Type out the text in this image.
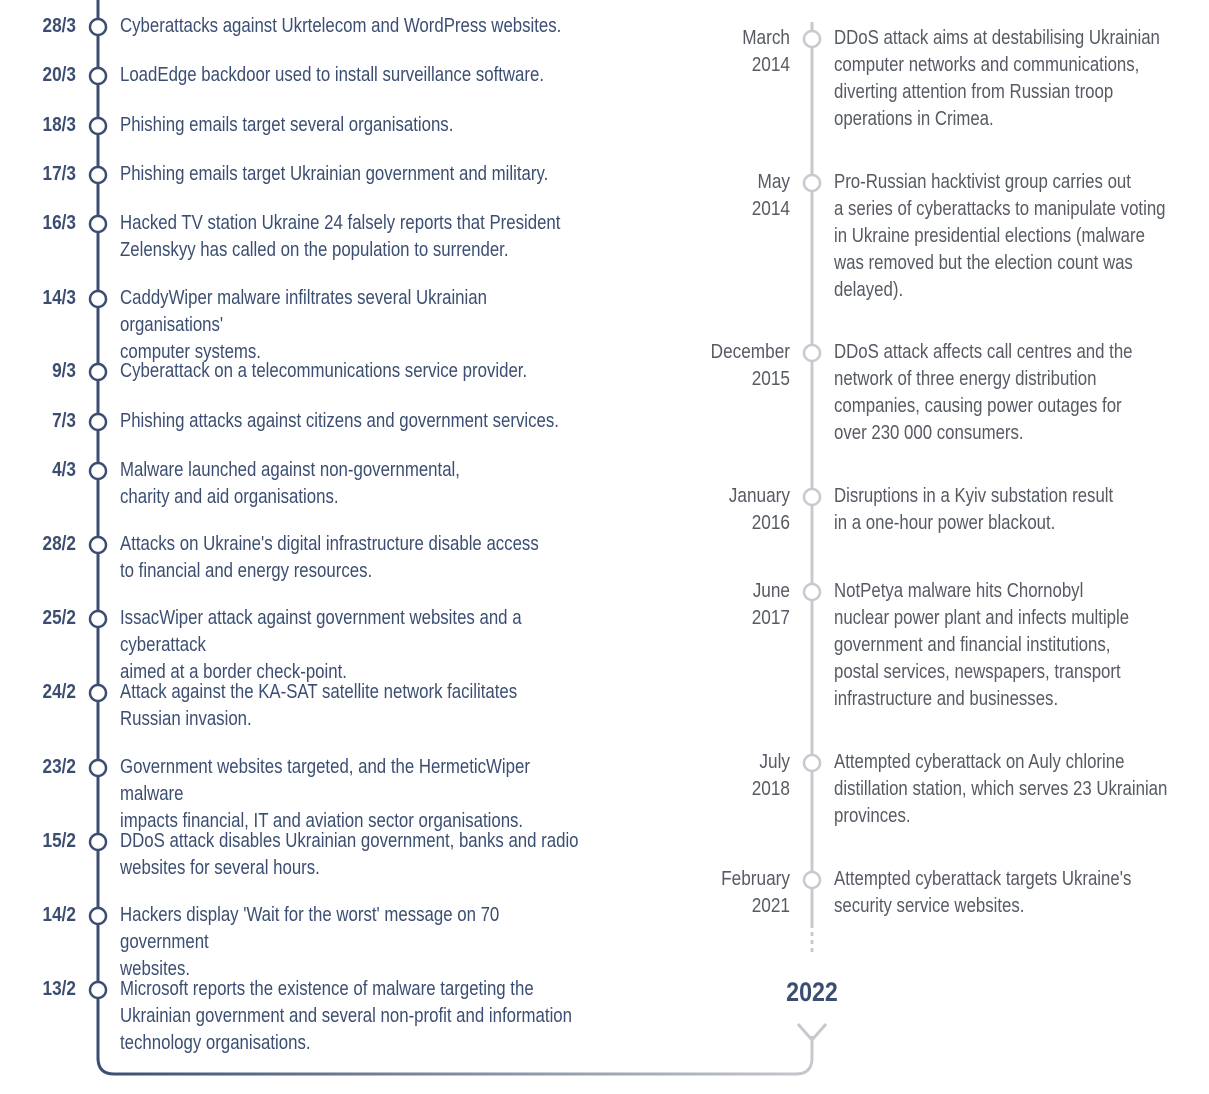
28/3 Cyberattacks against Ukrtelecom and WordPress websites.
20/3 LoadEdge backdoor used to install surveillance software.
18/3 Phishing emails target several organisations.
17/3 Phishing emails target Ukrainian government and military.
16/3 Hacked TV station Ukraine 24 falsely reports that President
Zelenskyy has called on the population to surrender.
14/3 CaddyWiper malware infiltrates several Ukrainian organisations'
computer systems.
9/3 Cyberattack on a telecommunications service provider.
7/3 Phishing attacks against citizens and government services.
4/3 Malware launched against non-governmental,
charity and aid organisations.
28/2 Attacks on Ukraine's digital infrastructure disable access
to financial and energy resources.
25/2 IssacWiper attack against government websites and a cyberattack
aimed at a border check-point.
24/2 Attack against the KA-SAT satellite network facilitates
Russian invasion.
23/2 Government websites targeted, and the HermeticWiper malware
impacts financial, IT and aviation sector organisations.
15/2 DDoS attack disables Ukrainian government, banks and radio
websites for several hours.
14/2 Hackers display 'Wait for the worst' message on 70 government
websites.
13/2 Microsoft reports the existence of malware targeting the
Ukrainian government and several non-profit and information
technology organisations.
March
2014
DDoS attack aims at destabilising Ukrainian
computer networks and communications,
diverting attention from Russian troop
operations in Crimea.
May
2014
Pro-Russian hacktivist group carries out
a series of cyberattacks to manipulate voting
in Ukraine presidential elections (malware
was removed but the election count was
delayed).
December
2015
DDoS attack affects call centres and the
network of three energy distribution
companies, causing power outages for
over 230 000 consumers.
January
2016
Disruptions in a Kyiv substation result
in a one-hour power blackout.
June
2017
NotPetya malware hits Chornobyl
nuclear power plant and infects multiple
government and financial institutions,
postal services, newspapers, transport
infrastructure and businesses.
July
2018
Attempted cyberattack on Auly chlorine
distillation station, which serves 23 Ukrainian
provinces.
February
2021
Attempted cyberattack targets Ukraine's
security service websites.
2022
